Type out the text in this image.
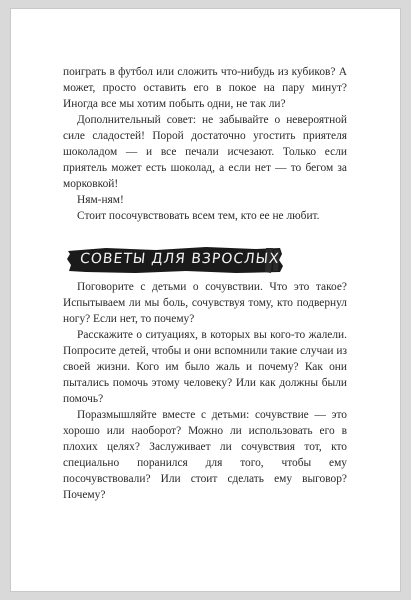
поиграть в футбол или сложить что-нибудь из кубиков? А может, просто оставить его в покое на пару минут? Иногда все мы хотим побыть одни, не так ли?

Дополнительный совет: не забывайте о невероятной силе сладостей! Порой достаточно угостить приятеля шоколадом — и все печали исчезают. Только если приятель может есть шоколад, а если нет — то бегом за морковкой!

Ням-ням!

Стоит посочувствовать всем тем, кто ее не любит.

СОВЕТЫ ДЛЯ ВЗРОСЛЫХ

Поговорите с детьми о сочувствии. Что это такое? Испытываем ли мы боль, сочувствуя тому, кто подвернул ногу? Если нет, то почему?

Расскажите о ситуациях, в которых вы кого-то жалели. Попросите детей, чтобы и они вспомнили такие случаи из своей жизни. Кого им было жаль и почему? Как они пытались помочь этому человеку? Или как должны были помочь?

Поразмышляйте вместе с детьми: сочувствие — это хорошо или наоборот? Можно ли использовать его в плохих целях? Заслуживает ли сочувствия тот, кто специально поранился для того, чтобы ему посочувствовали? Или стоит сделать ему выговор? Почему?
